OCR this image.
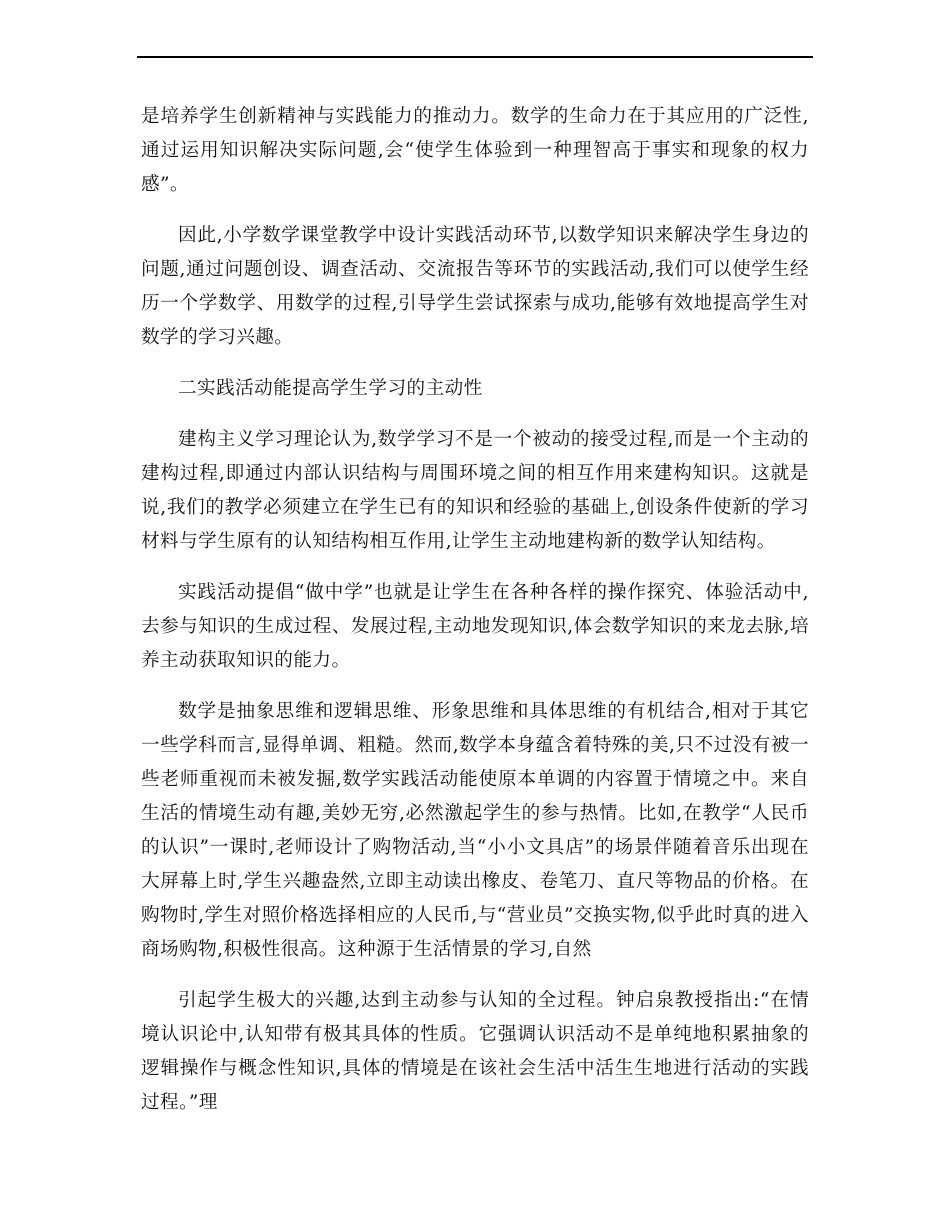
是培养学生创新精神与实践能力的推动力。数学的生命力在于其应用的广泛性,通过运用知识解决实际问题,会“使学生体验到一种理智高于事实和现象的权力感”。

因此,小学数学课堂教学中设计实践活动环节,以数学知识来解决学生身边的问题,通过问题创设、调查活动、交流报告等环节的实践活动,我们可以使学生经历一个学数学、用数学的过程,引导学生尝试探索与成功,能够有效地提高学生对数学的学习兴趣。

二实践活动能提高学生学习的主动性

建构主义学习理论认为,数学学习不是一个被动的接受过程,而是一个主动的建构过程,即通过内部认识结构与周围环境之间的相互作用来建构知识。这就是说,我们的教学必须建立在学生已有的知识和经验的基础上,创设条件使新的学习材料与学生原有的认知结构相互作用,让学生主动地建构新的数学认知结构。

实践活动提倡“做中学”也就是让学生在各种各样的操作探究、体验活动中,去参与知识的生成过程、发展过程,主动地发现知识,体会数学知识的来龙去脉,培养主动获取知识的能力。

数学是抽象思维和逻辑思维、形象思维和具体思维的有机结合,相对于其它一些学科而言,显得单调、粗糙。然而,数学本身蕴含着特殊的美,只不过没有被一些老师重视而未被发掘,数学实践活动能使原本单调的内容置于情境之中。来自生活的情境生动有趣,美妙无穷,必然激起学生的参与热情。比如,在教学“人民币的认识”一课时,老师设计了购物活动,当“小小文具店”的场景伴随着音乐出现在大屏幕上时,学生兴趣盎然,立即主动读出橡皮、卷笔刀、直尺等物品的价格。在购物时,学生对照价格选择相应的人民币,与“营业员”交换实物,似乎此时真的进入商场购物,积极性很高。这种源于生活情景的学习,自然

引起学生极大的兴趣,达到主动参与认知的全过程。钟启泉教授指出:“在情境认识论中,认知带有极其具体的性质。它强调认识活动不是单纯地积累抽象的逻辑操作与概念性知识,具体的情境是在该社会生活中活生生地进行活动的实践过程。”理
